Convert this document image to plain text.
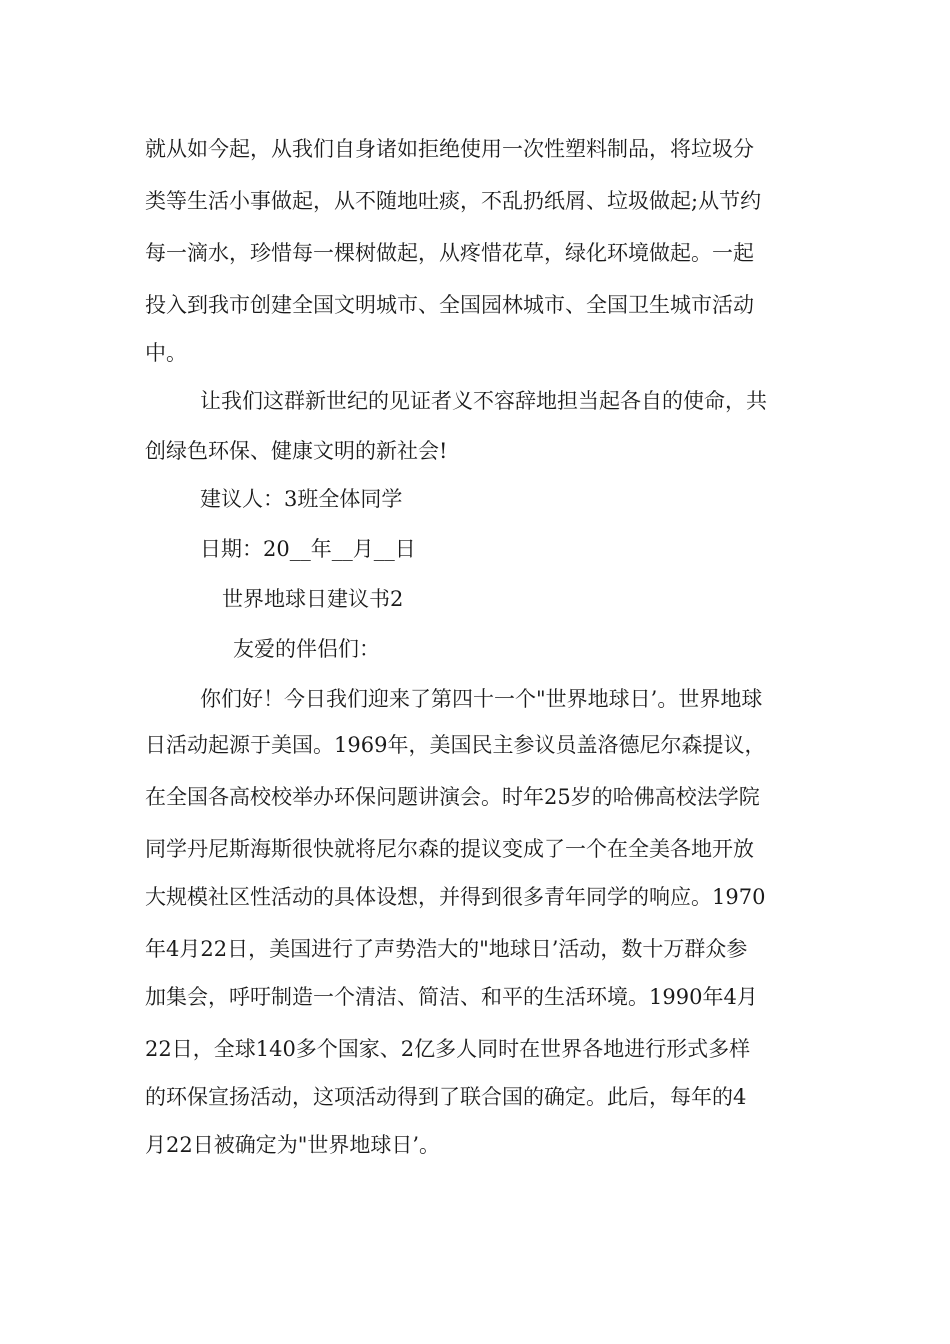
就从如今起，从我们自身诸如拒绝使用一次性塑料制品，将垃圾分
类等生活小事做起，从不随地吐痰，不乱扔纸屑、垃圾做起;从节约
每一滴水，珍惜每一棵树做起，从疼惜花草，绿化环境做起。一起
投入到我市创建全国文明城市、全国园林城市、全国卫生城市活动
中。
让我们这群新世纪的见证者义不容辞地担当起各自的使命，共
创绿色环保、健康文明的新社会!
建议人：3班全体同学
日期：20__年__月__日
世界地球日建议书2
友爱的伴侣们：
你们好！今日我们迎来了第四十一个"世界地球日’。世界地球
日活动起源于美国。1969年，美国民主参议员盖洛德尼尔森提议，
在全国各高校校举办环保问题讲演会。时年25岁的哈佛高校法学院
同学丹尼斯海斯很快就将尼尔森的提议变成了一个在全美各地开放
大规模社区性活动的具体设想，并得到很多青年同学的响应。1970
年4月22日，美国进行了声势浩大的"地球日’活动，数十万群众参
加集会，呼吁制造一个清洁、简洁、和平的生活环境。1990年4月
22日，全球140多个国家、2亿多人同时在世界各地进行形式多样
的环保宣扬活动，这项活动得到了联合国的确定。此后，每年的4
月22日被确定为"世界地球日’。
